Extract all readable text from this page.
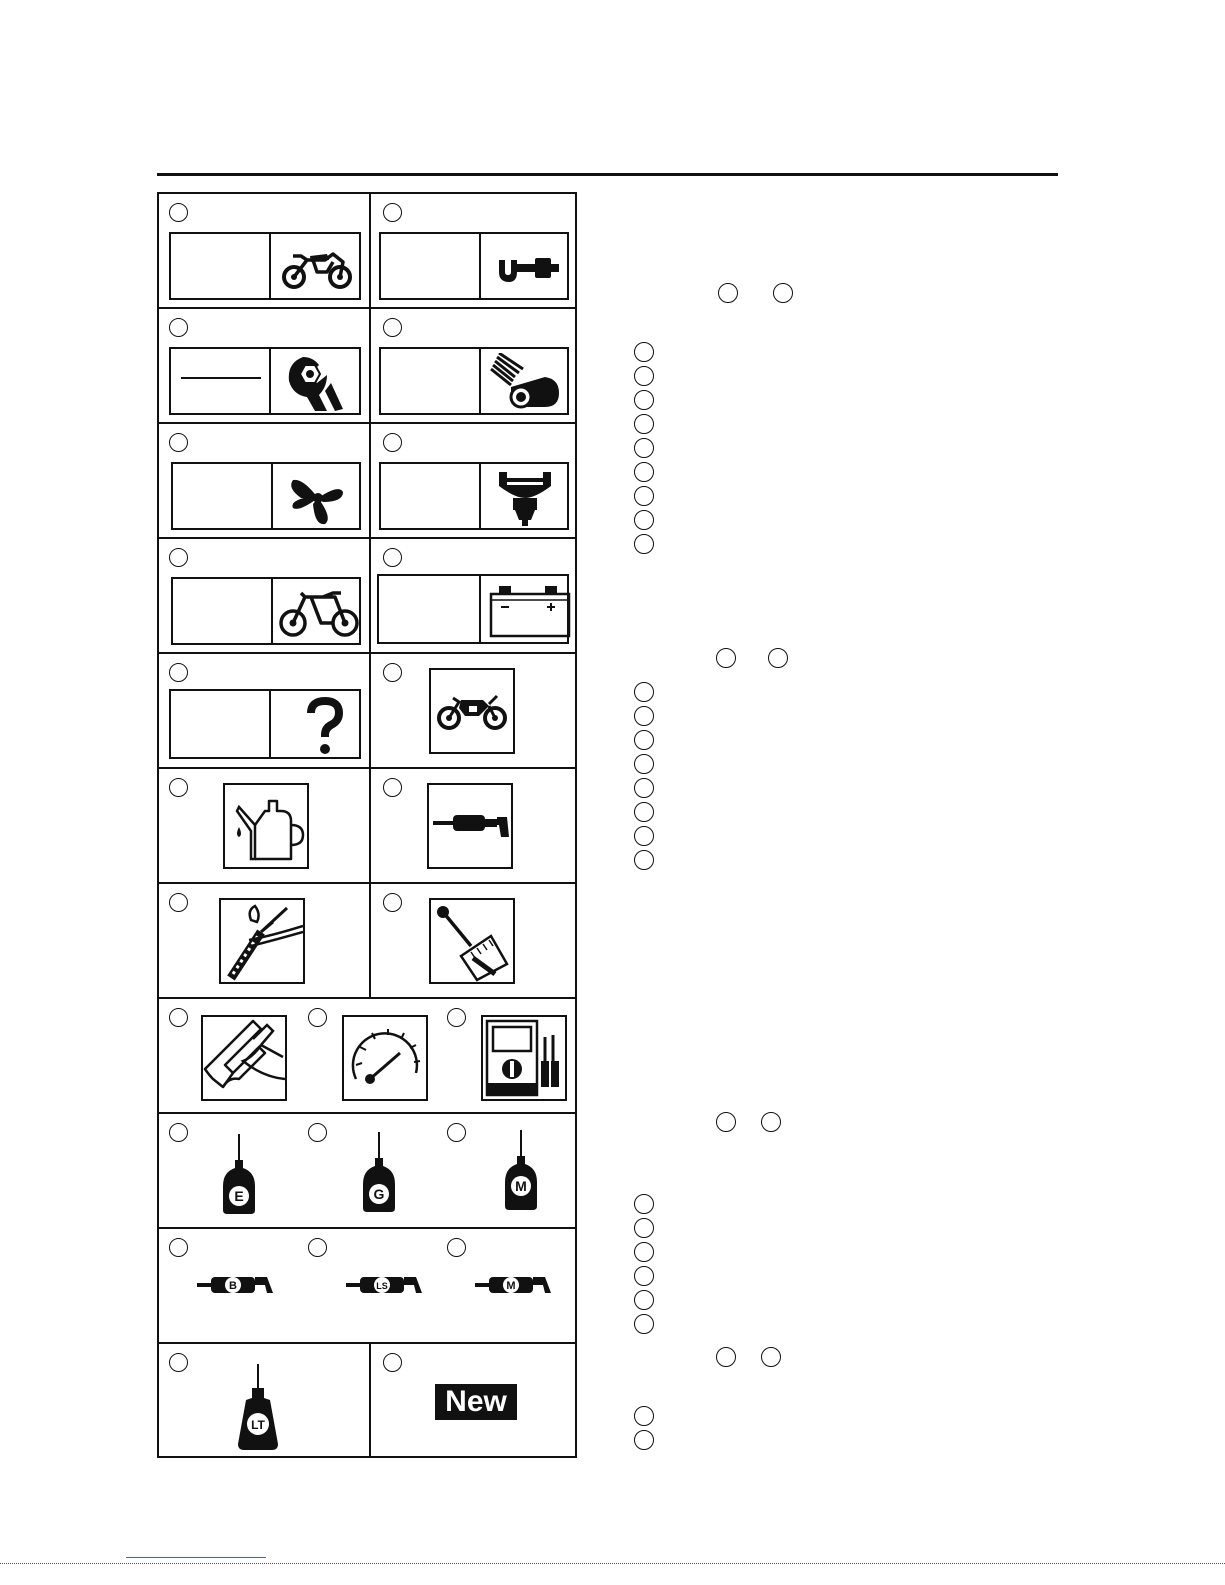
E	G	M
B	LS	M
LT
New
